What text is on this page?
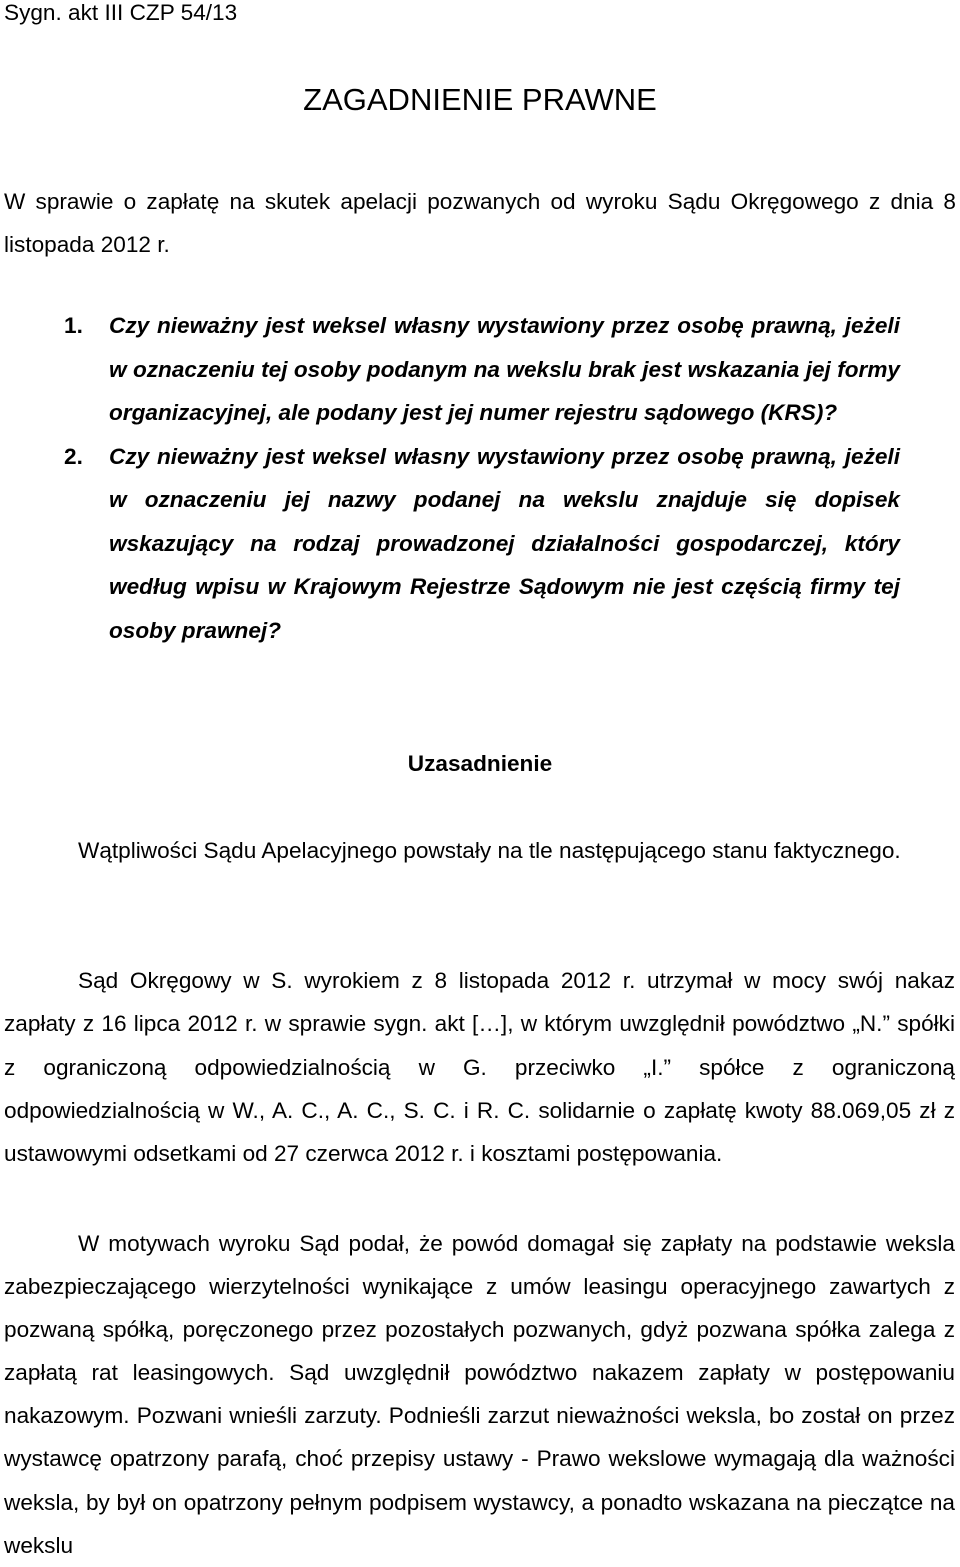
Sygn. akt III CZP 54/13
ZAGADNIENIE PRAWNE
W sprawie o zapłatę na skutek apelacji pozwanych od wyroku Sądu Okręgowego z dnia 8 listopada 2012 r.
1. Czy nieważny jest weksel własny wystawiony przez osobę prawną, jeżeli w oznaczeniu tej osoby podanym na wekslu brak jest wskazania jej formy organizacyjnej, ale podany jest jej numer rejestru sądowego (KRS)?
2. Czy nieważny jest weksel własny wystawiony przez osobę prawną, jeżeli w oznaczeniu jej nazwy podanej na wekslu znajduje się dopisek wskazujący na rodzaj prowadzonej działalności gospodarczej, który według wpisu w Krajowym Rejestrze Sądowym nie jest częścią firmy tej osoby prawnej?
Uzasadnienie
Wątpliwości Sądu Apelacyjnego powstały na tle następującego stanu faktycznego.
Sąd Okręgowy w S. wyrokiem z 8 listopada 2012 r. utrzymał w mocy swój nakaz zapłaty z 16 lipca 2012 r. w sprawie sygn. akt […], w którym uwzględnił powództwo „N.” spółki z ograniczoną odpowiedzialnością w G. przeciwko „I.” spółce z ograniczoną odpowiedzialnością w W., A. C., A. C., S. C. i R. C. solidarnie o zapłatę kwoty 88.069,05 zł z ustawowymi odsetkami od 27 czerwca 2012 r. i kosztami postępowania.
W motywach wyroku Sąd podał, że powód domagał się zapłaty na podstawie weksla zabezpieczającego wierzytelności wynikające z umów leasingu operacyjnego zawartych z pozwaną spółką, poręczonego przez pozostałych pozwanych, gdyż pozwana spółka zalega z zapłatą rat leasingowych. Sąd uwzględnił powództwo nakazem zapłaty w postępowaniu nakazowym. Pozwani wnieśli zarzuty. Podnieśli zarzut nieważności weksla, bo został on przez wystawcę opatrzony parafą, choć przepisy ustawy - Prawo wekslowe wymagają dla ważności weksla, by był on opatrzony pełnym podpisem wystawcy, a ponadto wskazana na pieczątce na wekslu
